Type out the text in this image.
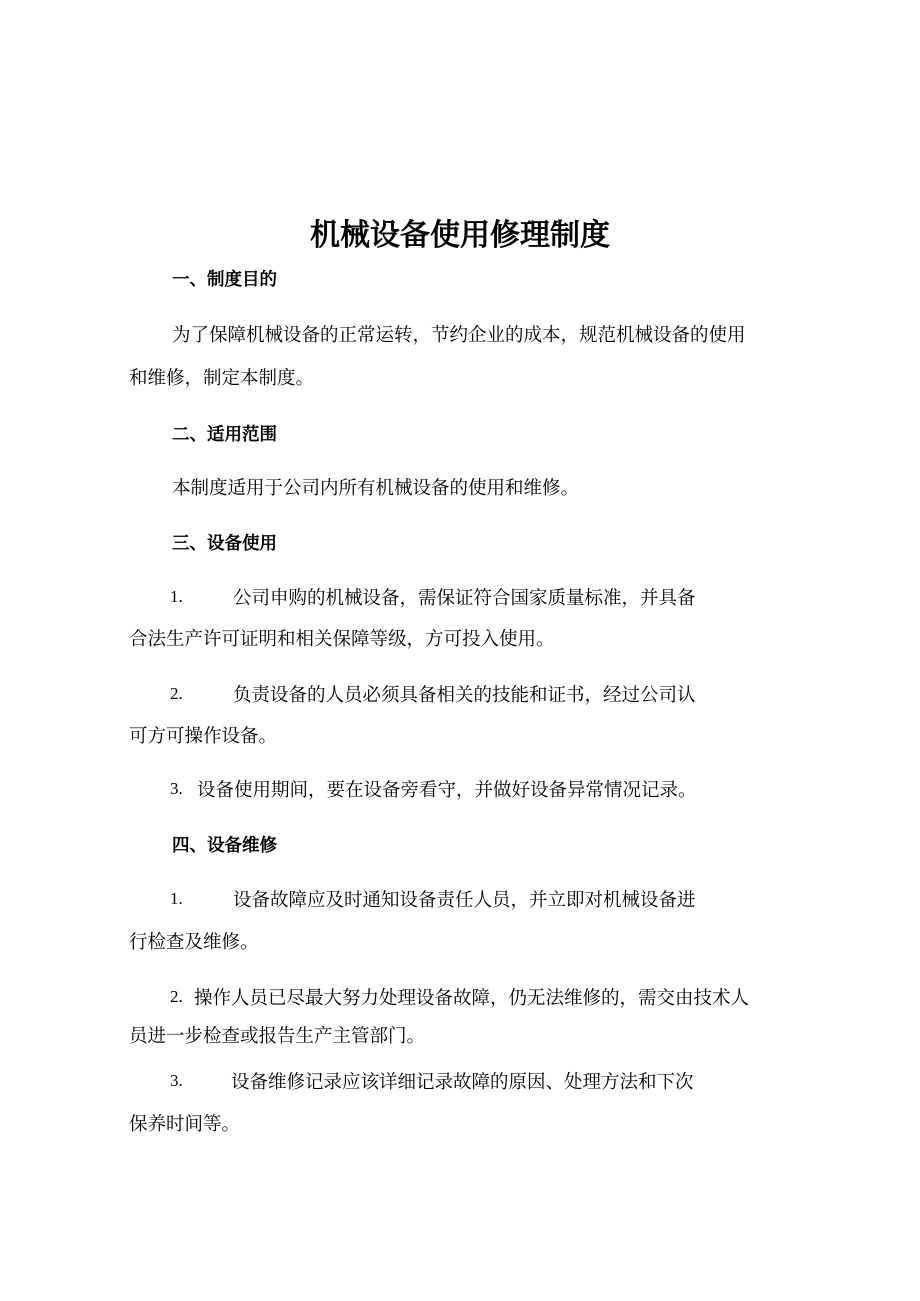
机械设备使用修理制度
一、制度目的
为了保障机械设备的正常运转，节约企业的成本，规范机械设备的使用
和维修，制定本制度。
二、适用范围
本制度适用于公司内所有机械设备的使用和维修。
三、设备使用
1.	公司申购的机械设备，需保证符合国家质量标准，并具备
合法生产许可证明和相关保障等级，方可投入使用。
2.	负责设备的人员必须具备相关的技能和证书，经过公司认
可方可操作设备。
3. 设备使用期间，要在设备旁看守，并做好设备异常情况记录。
四、设备维修
1.	设备故障应及时通知设备责任人员，并立即对机械设备进
行检查及维修。
2. 操作人员已尽最大努力处理设备故障，仍无法维修的，需交由技术人
员进一步检查或报告生产主管部门。
3.	设备维修记录应该详细记录故障的原因、处理方法和下次
保养时间等。
